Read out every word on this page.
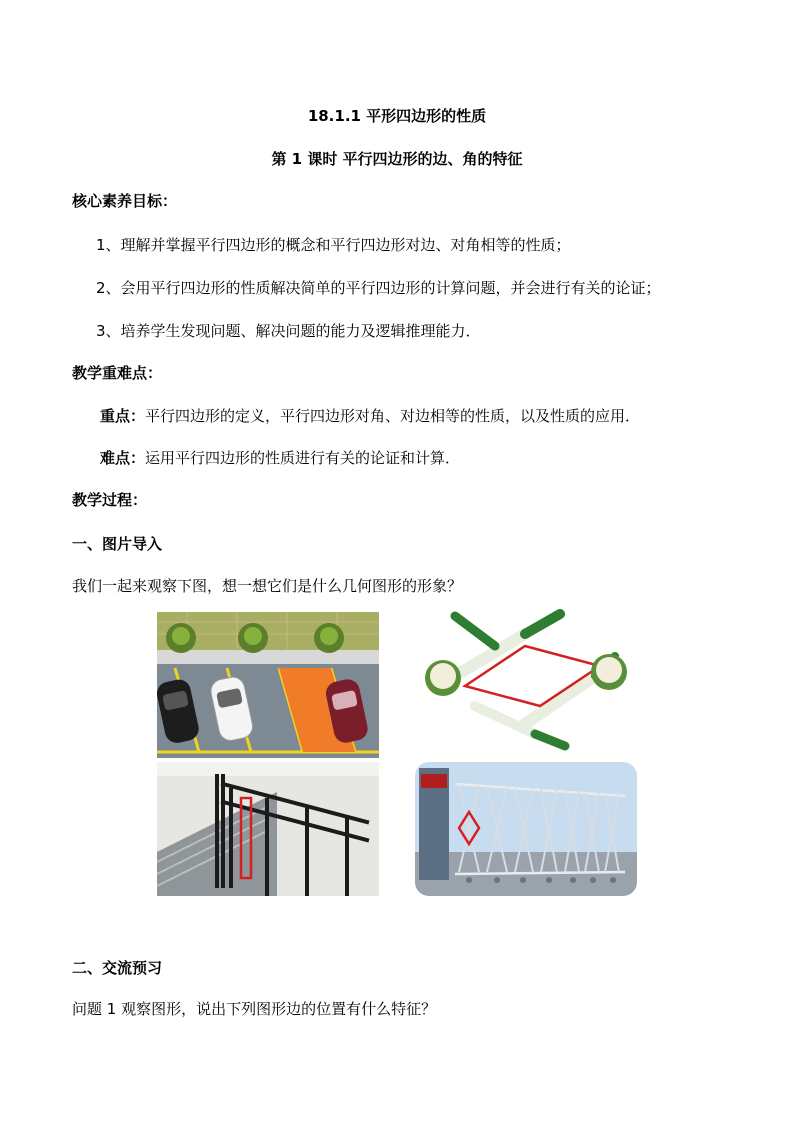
18.1.1 平形四边形的性质
第 1 课时 平行四边形的边、角的特征
核心素养目标：
1、理解并掌握平行四边形的概念和平行四边形对边、对角相等的性质；
2、会用平行四边形的性质解决简单的平行四边形的计算问题，并会进行有关的论证；
3、培养学生发现问题、解决问题的能力及逻辑推理能力．
教学重难点：
重点：平行四边形的定义，平行四边形对角、对边相等的性质，以及性质的应用．
难点：运用平行四边形的性质进行有关的论证和计算．
教学过程：
一、图片导入
我们一起来观察下图，想一想它们是什么几何图形的形象？
二、交流预习
问题 1 观察图形，说出下列图形边的位置有什么特征？
